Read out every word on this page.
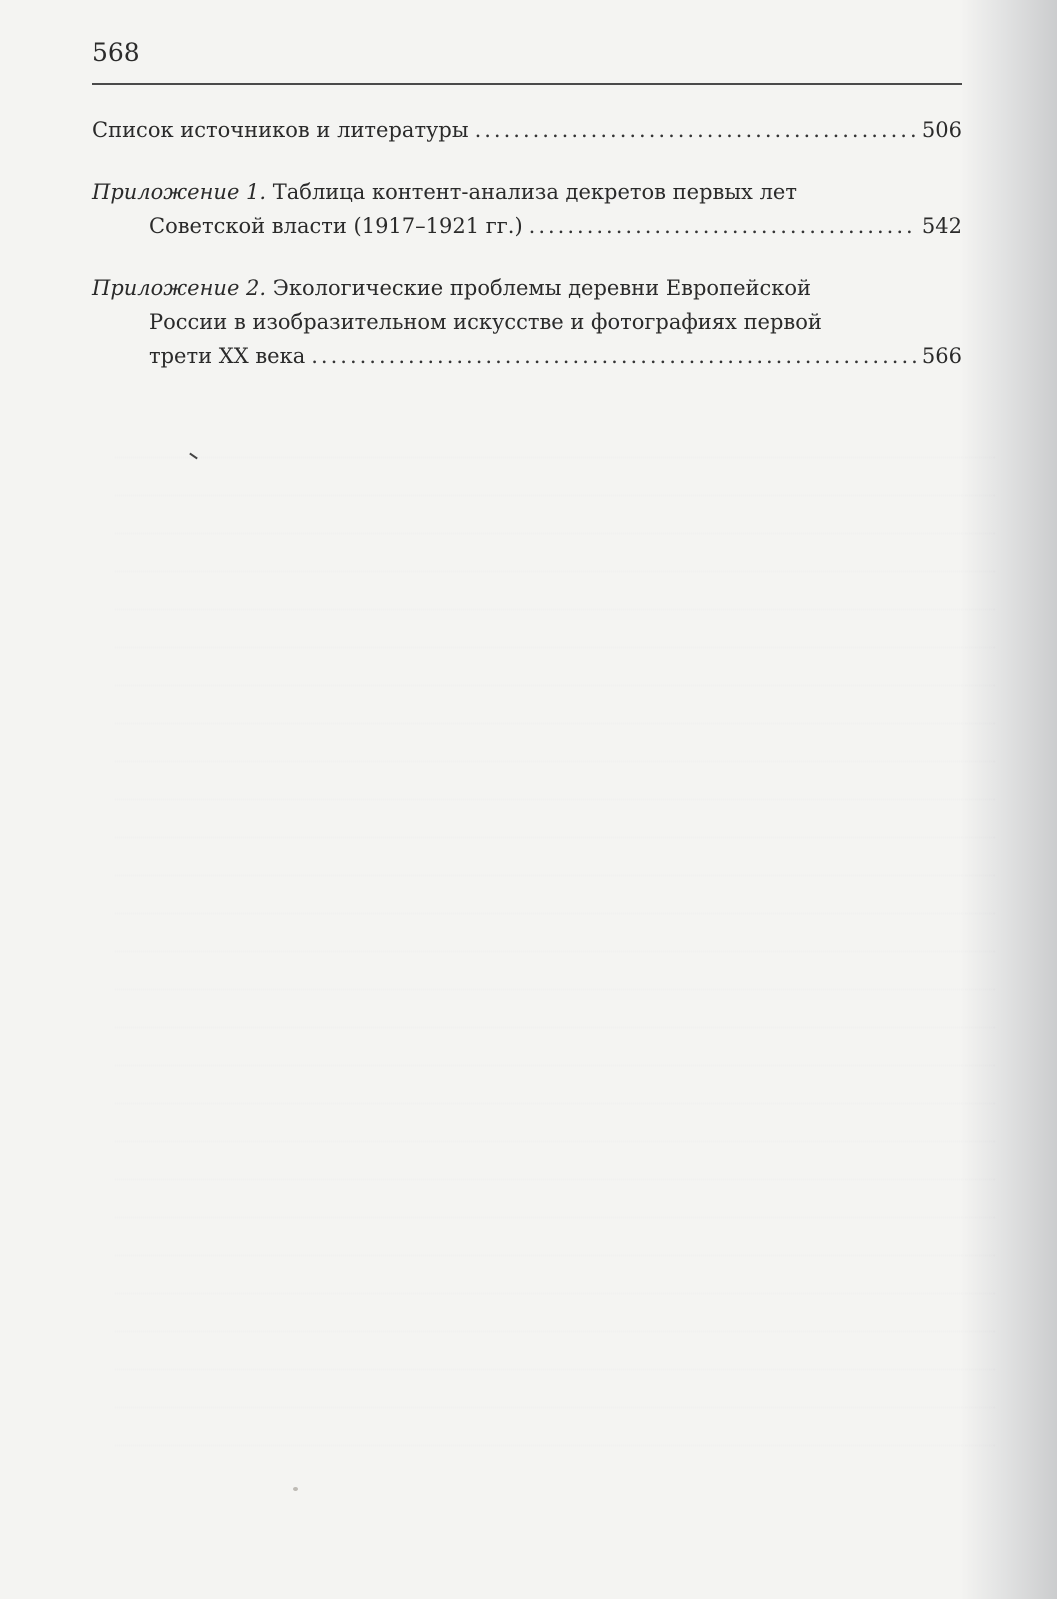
568
Список источников и литературы .....	506
Приложение 1. Таблица контент-анализа декретов первых лет
Советской власти (1917–1921 гг.) .....	542
Приложение 2. Экологические проблемы деревни Европейской
России в изобразительном искусстве и фотографиях первой
трети XX века .....	566
